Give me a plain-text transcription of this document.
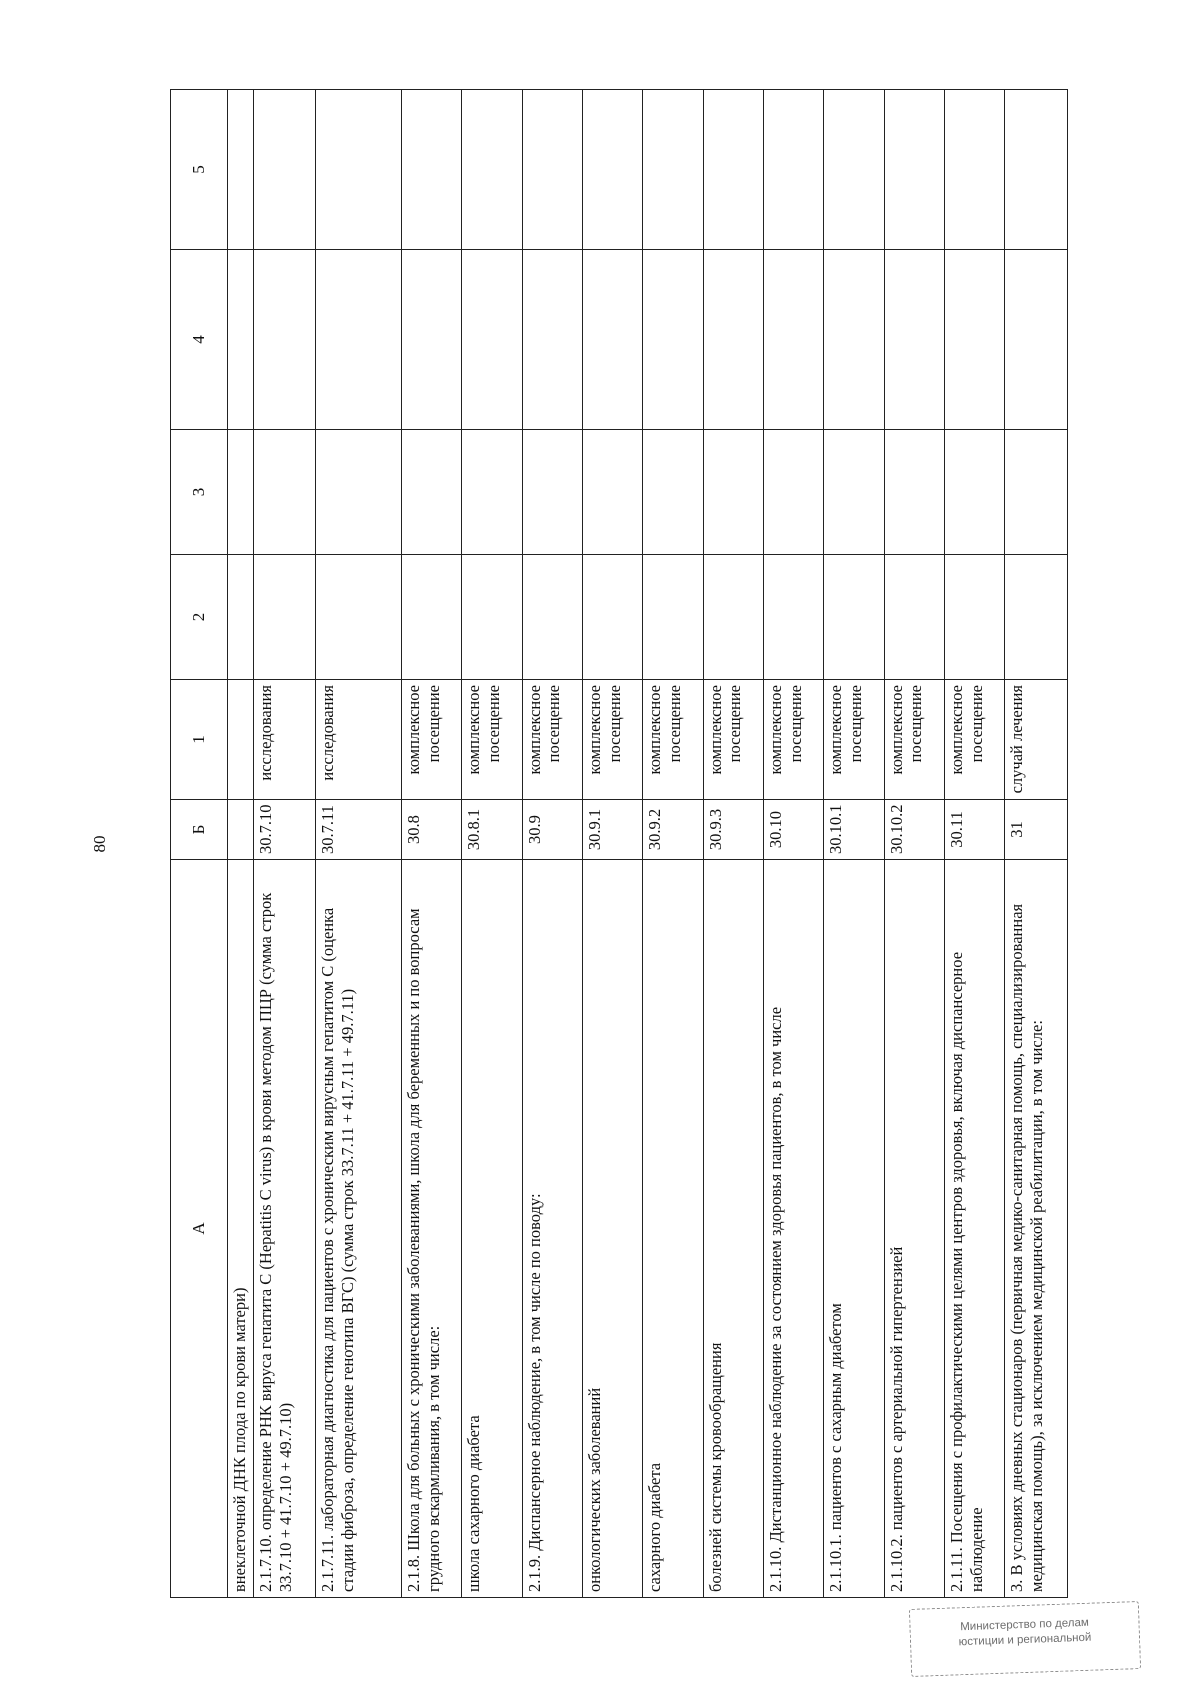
80
А	Б	1	2	3	4	5
внеклеточной ДНК плода по крови матери)						
2.1.7.10. определение РНК вируса гепатита С (Hepatitis C virus) в крови методом ПЦР (сумма строк 33.7.10 + 41.7.10 + 49.7.10)	30.7.10	исследования				
2.1.7.11. лабораторная диагностика для пациентов с хроническим вирусным гепатитом С (оценка стадии фиброза, определение генотипа ВГС) (сумма строк 33.7.11 + 41.7.11 + 49.7.11)	30.7.11	исследования				
2.1.8. Школа для больных с хроническими заболеваниями, школа для беременных и по вопросам грудного вскармливания, в том числе:	30.8	комплексное посещение				
школа сахарного диабета	30.8.1	комплексное посещение				
2.1.9. Диспансерное наблюдение, в том числе по поводу:	30.9	комплексное посещение				
онкологических заболеваний	30.9.1	комплексное посещение				
сахарного диабета	30.9.2	комплексное посещение				
болезней системы кровообращения	30.9.3	комплексное посещение				
2.1.10. Дистанционное наблюдение за состоянием здоровья пациентов, в том числе	30.10	комплексное посещение				
2.1.10.1. пациентов с сахарным диабетом	30.10.1	комплексное посещение				
2.1.10.2. пациентов с артериальной гипертензией	30.10.2	комплексное посещение				
2.1.11. Посещения с профилактическими целями центров здоровья, включая диспансерное наблюдение	30.11	комплексное посещение				
3. В условиях дневных стационаров (первичная медико-санитарная помощь, специализированная медицинская помощь), за исключением медицинской реабилитации, в том числе:	31	случай лечения				
Министерство по делам
юстиции и региональной
